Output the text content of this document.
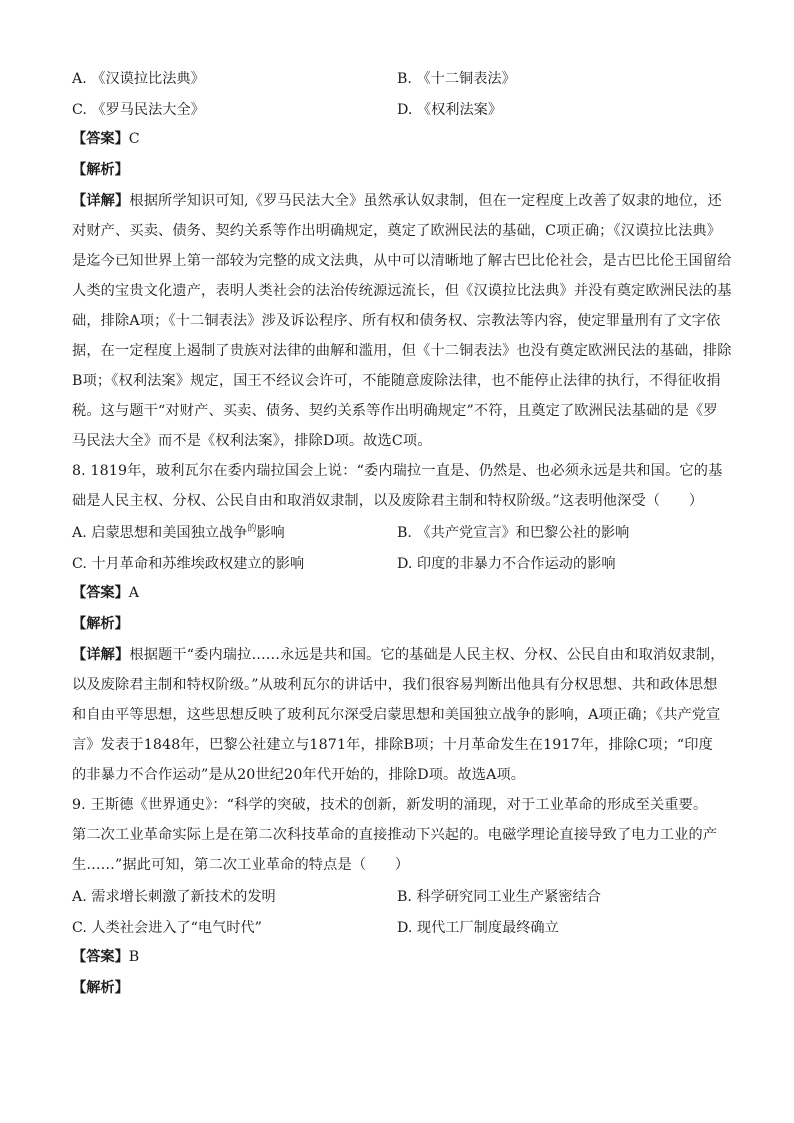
A. 《汉谟拉比法典》	B. 《十二铜表法》
C. 《罗马民法大全》	D. 《权利法案》
【答案】C
【解析】
【详解】根据所学知识可知,《罗马民法大全》虽然承认奴隶制，但在一定程度上改善了奴隶的地位，还
对财产、买卖、债务、契约关系等作出明确规定，奠定了欧洲民法的基础，C项正确；《汉谟拉比法典》
是迄今已知世界上第一部较为完整的成文法典，从中可以清晰地了解古巴比伦社会，是古巴比伦王国留给
人类的宝贵文化遗产，表明人类社会的法治传统源远流长，但《汉谟拉比法典》并没有奠定欧洲民法的基
础，排除A项；《十二铜表法》涉及诉讼程序、所有权和债务权、宗教法等内容，使定罪量刑有了文字依
据，在一定程度上遏制了贵族对法律的曲解和滥用，但《十二铜表法》也没有奠定欧洲民法的基础，排除
B项；《权利法案》规定，国王不经议会许可，不能随意废除法律，也不能停止法律的执行，不得征收捐
税。这与题干“对财产、买卖、债务、契约关系等作出明确规定”不符，且奠定了欧洲民法基础的是《罗
马民法大全》而不是《权利法案》，排除D项。故选C项。
8. 1819年，玻利瓦尔在委内瑞拉国会上说：“委内瑞拉一直是、仍然是、也必须永远是共和国。它的基
础是人民主权、分权、公民自由和取消奴隶制，以及废除君主制和特权阶级。”这表明他深受（　　）
A. 启蒙思想和美国独立战争$^的$影响	B. 《共产党宣言》和巴黎公社的影响
C. 十月革命和苏维埃政权建立的影响	D. 印度的非暴力不合作运动的影响
【答案】A
【解析】
【详解】根据题干“委内瑞拉……永远是共和国。它的基础是人民主权、分权、公民自由和取消奴隶制，
以及废除君主制和特权阶级。”从玻利瓦尔的讲话中，我们很容易判断出他具有分权思想、共和政体思想
和自由平等思想，这些思想反映了玻利瓦尔深受启蒙思想和美国独立战争的影响，A项正确；《共产党宣
言》发表于1848年，巴黎公社建立与1871年，排除B项；十月革命发生在1917年，排除C项；“印度
的非暴力不合作运动”是从20世纪20年代开始的，排除D项。故选A项。
9. 王斯德《世界通史》：“科学的突破，技术的创新，新发明的涌现，对于工业革命的形成至关重要。
第二次工业革命实际上是在第二次科技革命的直接推动下兴起的。电磁学理论直接导致了电力工业的产
生……”据此可知，第二次工业革命的特点是（　　）
A. 需求增长刺激了新技术的发明	B. 科学研究同工业生产紧密结合
C. 人类社会进入了“电气时代”	D. 现代工厂制度最终确立
【答案】B
【解析】
